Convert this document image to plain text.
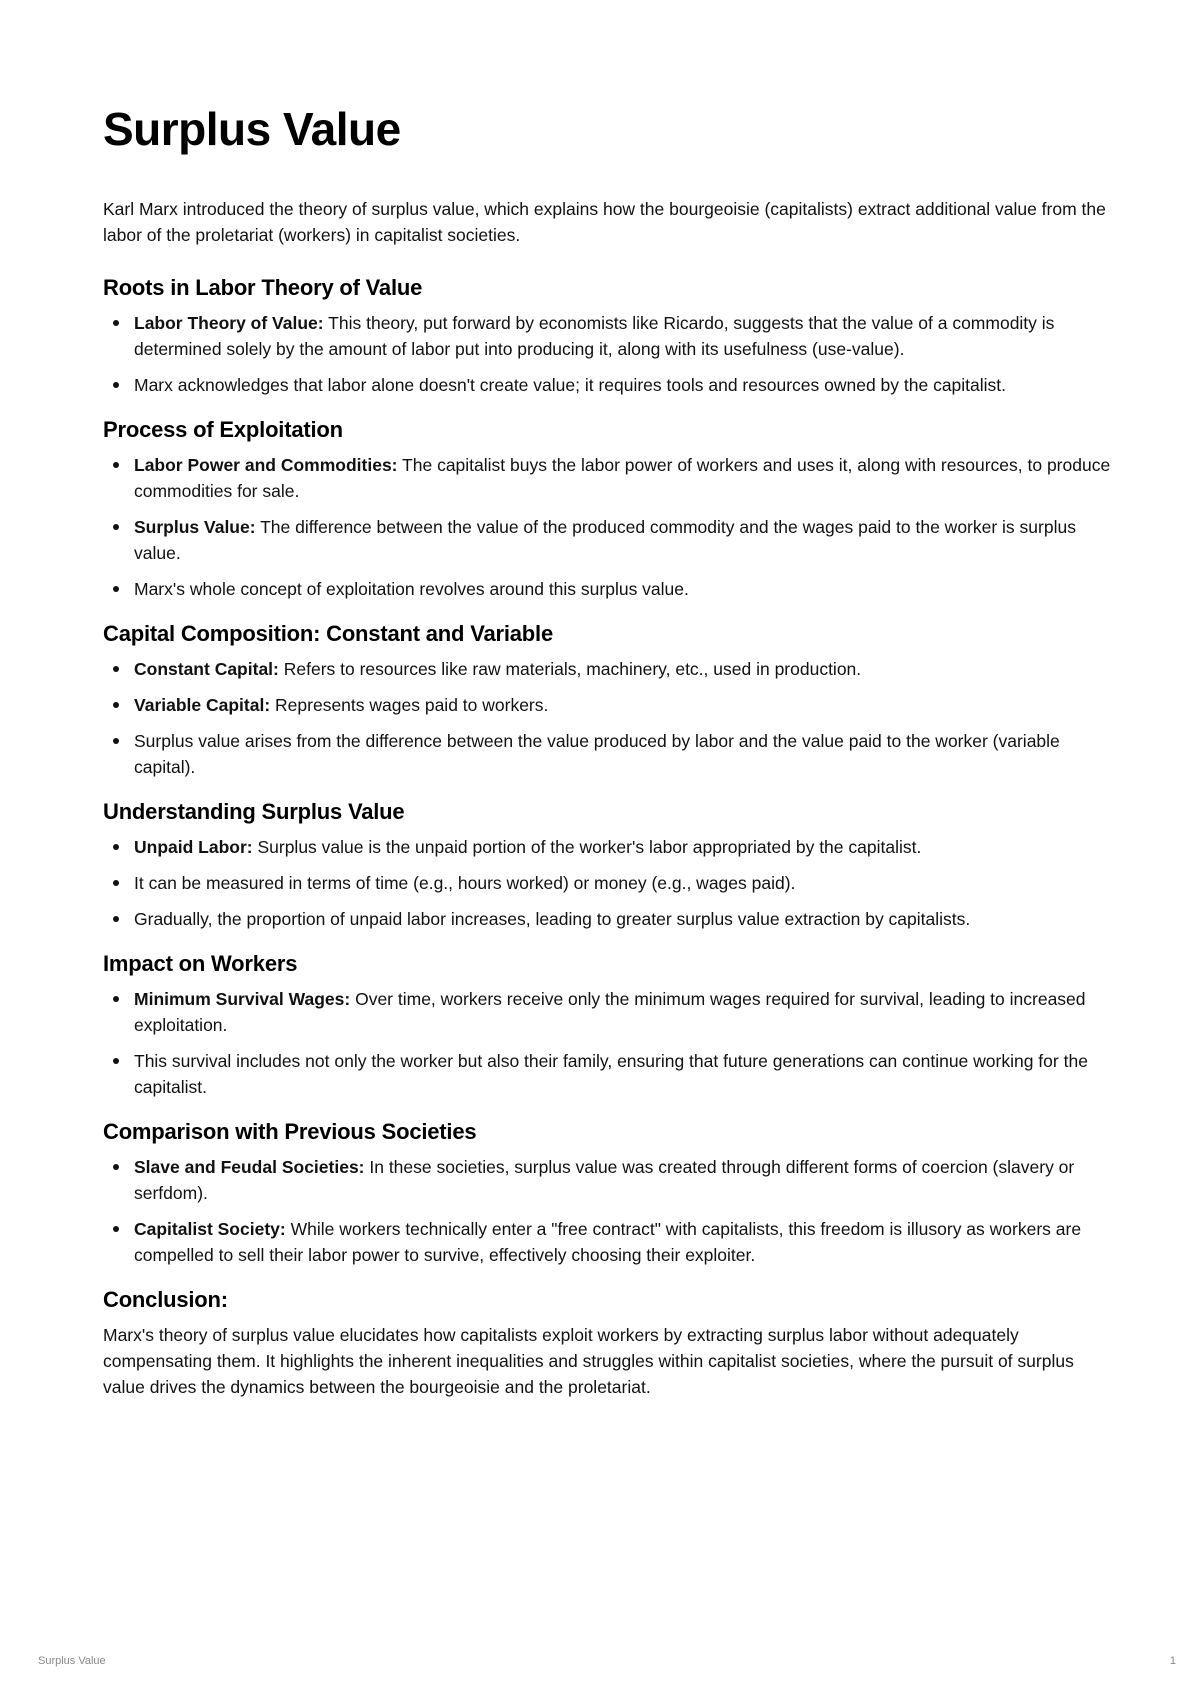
Surplus Value

Karl Marx introduced the theory of surplus value, which explains how the bourgeoisie (capitalists) extract additional value from the labor of the proletariat (workers) in capitalist societies.

Roots in Labor Theory of Value
Labor Theory of Value: This theory, put forward by economists like Ricardo, suggests that the value of a commodity is determined solely by the amount of labor put into producing it, along with its usefulness (use-value).
Marx acknowledges that labor alone doesn't create value; it requires tools and resources owned by the capitalist.
Process of Exploitation
Labor Power and Commodities: The capitalist buys the labor power of workers and uses it, along with resources, to produce commodities for sale.
Surplus Value: The difference between the value of the produced commodity and the wages paid to the worker is surplus value.
Marx's whole concept of exploitation revolves around this surplus value.
Capital Composition: Constant and Variable
Constant Capital: Refers to resources like raw materials, machinery, etc., used in production.
Variable Capital: Represents wages paid to workers.
Surplus value arises from the difference between the value produced by labor and the value paid to the worker (variable capital).
Understanding Surplus Value
Unpaid Labor: Surplus value is the unpaid portion of the worker's labor appropriated by the capitalist.
It can be measured in terms of time (e.g., hours worked) or money (e.g., wages paid).
Gradually, the proportion of unpaid labor increases, leading to greater surplus value extraction by capitalists.
Impact on Workers
Minimum Survival Wages: Over time, workers receive only the minimum wages required for survival, leading to increased exploitation.
This survival includes not only the worker but also their family, ensuring that future generations can continue working for the capitalist.
Comparison with Previous Societies
Slave and Feudal Societies: In these societies, surplus value was created through different forms of coercion (slavery or serfdom).
Capitalist Society: While workers technically enter a "free contract" with capitalists, this freedom is illusory as workers are compelled to sell their labor power to survive, effectively choosing their exploiter.
Conclusion:

Marx's theory of surplus value elucidates how capitalists exploit workers by extracting surplus labor without adequately compensating them. It highlights the inherent inequalities and struggles within capitalist societies, where the pursuit of surplus value drives the dynamics between the bourgeoisie and the proletariat.

Surplus Value	1
